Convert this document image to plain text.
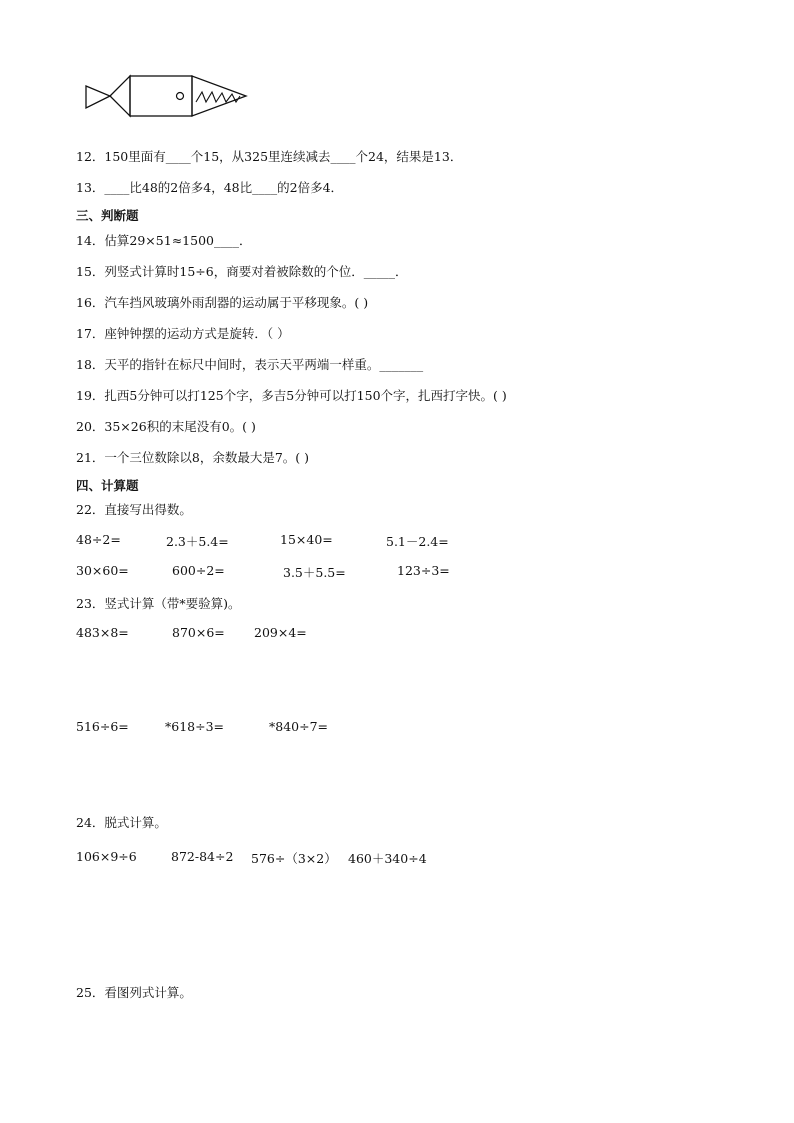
12．150里面有____个15，从325里连续减去____个24，结果是13．
13．____比48的2倍多4，48比____的2倍多4．
三、判断题
14．估算29×51≈1500____．
15．列竖式计算时15÷6，商要对着被除数的个位．_____．
16．汽车挡风玻璃外雨刮器的运动属于平移现象。( )
17．座钟钟摆的运动方式是旋转．（ ）
18．天平的指针在标尺中间时，表示天平两端一样重。_______
19．扎西5分钟可以打125个字，多吉5分钟可以打150个字，扎西打字快。( )
20．35×26积的末尾没有0。( )
21．一个三位数除以8，余数最大是7。( )
四、计算题
22．直接写出得数。
48÷2=	2.3＋5.4=	15×40=	5.1－2.4=
30×60=	600÷2=	3.5＋5.5=	123÷3=
23．竖式计算（带*要验算)。
483×8=	870×6= 209×4=
516÷6=	*618÷3=	*840÷7=
24．脱式计算。
106×9÷6	872-84÷2 576÷（3×2） 460＋340÷4
25．看图列式计算。
